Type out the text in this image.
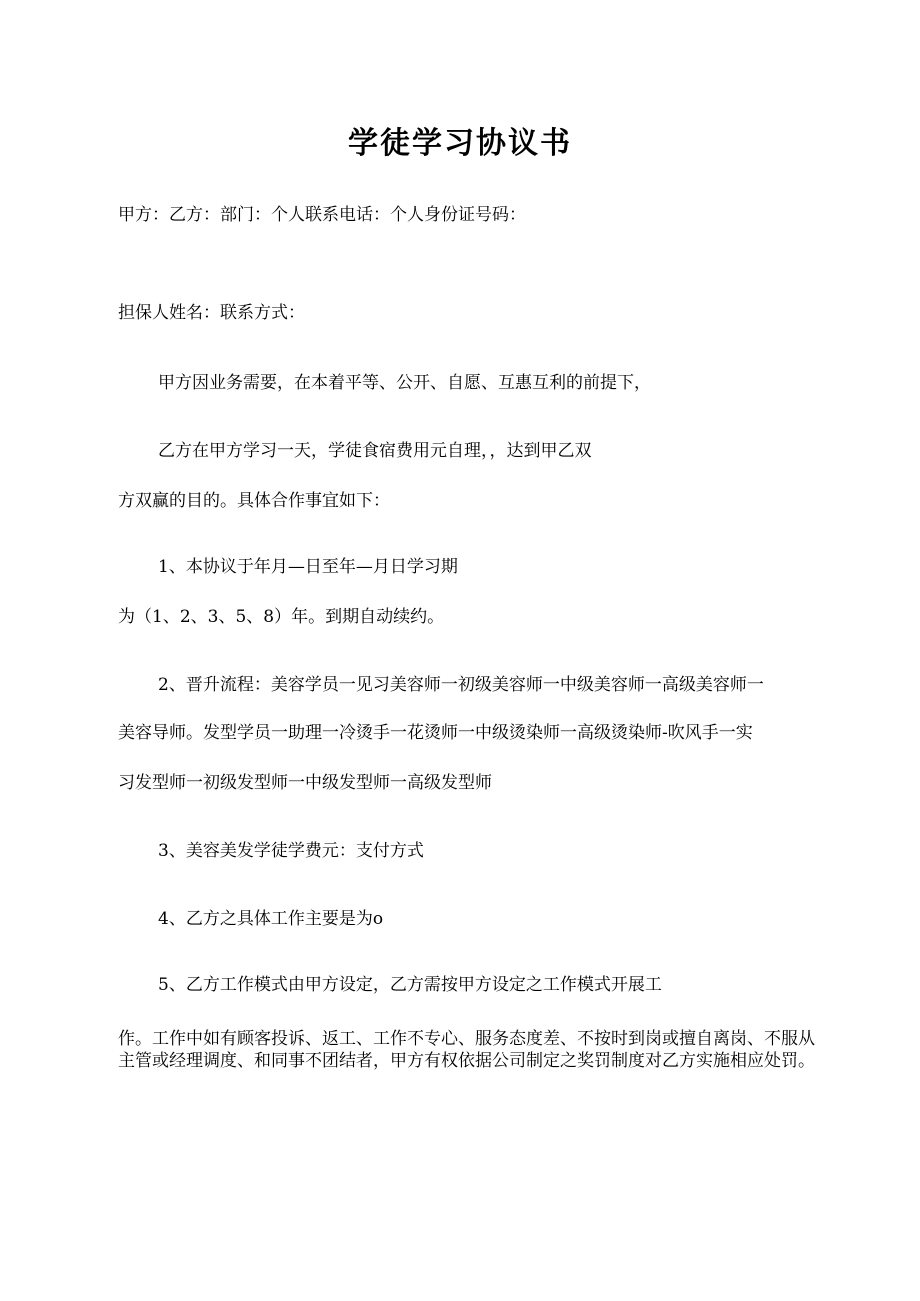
学徒学习协议书
甲方：乙方：部门：个人联系电话：个人身份证号码：
担保人姓名：联系方式：
甲方因业务需要，在本着平等、公开、自愿、互惠互利的前提下，
乙方在甲方学习一天，学徒食宿费用元自理，，达到甲乙双
方双赢的目的。具体合作事宜如下：
1、本协议于年月—日至年—月日学习期
为（1、2、3、5、8）年。到期自动续约。
2、晋升流程：美容学员一见习美容师一初级美容师一中级美容师一高级美容师一
美容导师。发型学员一助理一冷烫手一花烫师一中级烫染师一高级烫染师-吹风手一实
习发型师一初级发型师一中级发型师一高级发型师
3、美容美发学徒学费元：支付方式
4、乙方之具体工作主要是为o
5、乙方工作模式由甲方设定，乙方需按甲方设定之工作模式开展工
作。工作中如有顾客投诉、返工、工作不专心、服务态度差、不按时到岗或擅自离岗、不服从主管或经理调度、和同事不团结者，甲方有权依据公司制定之奖罚制度对乙方实施相应处罚。
